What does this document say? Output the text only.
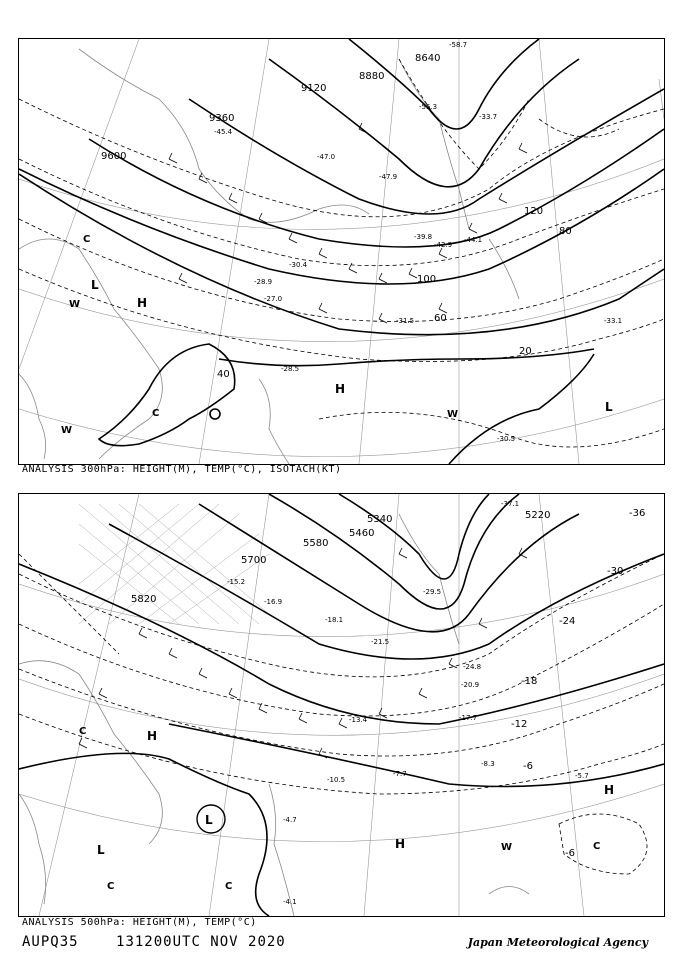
9600
9360
9120
8880
8640
20
40
60
80
100
120
L
H
H
L
C
W
W
C
W
-45.4
-47.0
-39.8
-30.4
-28.9
-31.5	-33.1
-27.0
-28.5
-30.5
-33.7
-42.9
-44.1
-47.9
-55.3
-58.7
ANALYSIS 300hPa: HEIGHT(M), TEMP(°C), ISOTACH(KT)
5820
5700
5580
5460
5340	5220	-36
-30
-24
-18
-12
-6
-6
H
L
L	H	W
H
C
C
C	C
-15.2
-16.9
-18.1
-21.5
-24.8
-20.9
-17.7
-13.4
-10.5
-7.7
-8.3
-5.7
-4.7
-4.1
-29.5
-37.1
ANALYSIS 500hPa: HEIGHT(M), TEMP(°C)
AUPQ35	131200UTC NOV 2020	Japan Meteorological Agency
